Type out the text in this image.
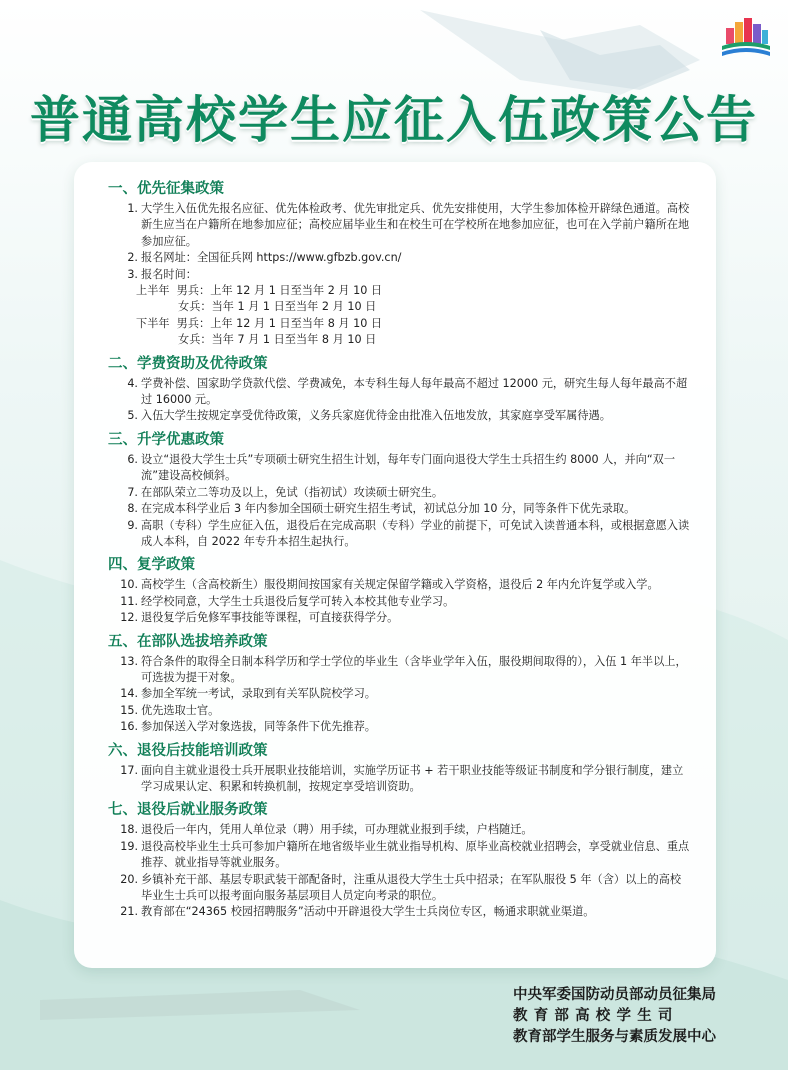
普通高校学生应征入伍政策公告
一、优先征集政策
1. 大学生入伍优先报名应征、优先体检政考、优先审批定兵、优先安排使用，大学生参加体检开辟绿色通道。高校新生应当在户籍所在地参加应征；高校应届毕业生和在校生可在学校所在地参加应征，也可在入学前户籍所在地参加应征。
2. 报名网址：全国征兵网 https://www.gfbzb.gov.cn/
3. 报名时间：
上半年  男兵：上年 12 月 1 日至当年 2 月 10 日
女兵：当年 1 月 1 日至当年 2 月 10 日
下半年  男兵：上年 12 月 1 日至当年 8 月 10 日
女兵：当年 7 月 1 日至当年 8 月 10 日
二、学费资助及优待政策
4. 学费补偿、国家助学贷款代偿、学费减免，本专科生每人每年最高不超过 12000 元，研究生每人每年最高不超过 16000 元。
5. 入伍大学生按规定享受优待政策，义务兵家庭优待金由批准入伍地发放，其家庭享受军属待遇。
三、升学优惠政策
6. 设立“退役大学生士兵”专项硕士研究生招生计划，每年专门面向退役大学生士兵招生约 8000 人，并向“双一流”建设高校倾斜。
7. 在部队荣立二等功及以上，免试（指初试）攻读硕士研究生。
8. 在完成本科学业后 3 年内参加全国硕士研究生招生考试，初试总分加 10 分，同等条件下优先录取。
9. 高职（专科）学生应征入伍，退役后在完成高职（专科）学业的前提下，可免试入读普通本科，或根据意愿入读成人本科，自 2022 年专升本招生起执行。
四、复学政策
10. 高校学生（含高校新生）服役期间按国家有关规定保留学籍或入学资格，退役后 2 年内允许复学或入学。
11. 经学校同意，大学生士兵退役后复学可转入本校其他专业学习。
12. 退役复学后免修军事技能等课程，可直接获得学分。
五、在部队选拔培养政策
13. 符合条件的取得全日制本科学历和学士学位的毕业生（含毕业学年入伍，服役期间取得的），入伍 1 年半以上，可选拔为提干对象。
14. 参加全军统一考试，录取到有关军队院校学习。
15. 优先选取士官。
16. 参加保送入学对象选拔，同等条件下优先推荐。
六、退役后技能培训政策
17. 面向自主就业退役士兵开展职业技能培训，实施学历证书 + 若干职业技能等级证书制度和学分银行制度，建立学习成果认定、积累和转换机制，按规定享受培训资助。
七、退役后就业服务政策
18. 退役后一年内，凭用人单位录（聘）用手续，可办理就业报到手续，户档随迁。
19. 退役高校毕业生士兵可参加户籍所在地省级毕业生就业指导机构、原毕业高校就业招聘会，享受就业信息、重点推荐、就业指导等就业服务。
20. 乡镇补充干部、基层专职武装干部配备时，注重从退役大学生士兵中招录；在军队服役 5 年（含）以上的高校毕业生士兵可以报考面向服务基层项目人员定向考录的职位。
21. 教育部在“24365 校园招聘服务”活动中开辟退役大学生士兵岗位专区，畅通求职就业渠道。
中央军委国防动员部动员征集局
教育部高校学生司
教育部学生服务与素质发展中心
